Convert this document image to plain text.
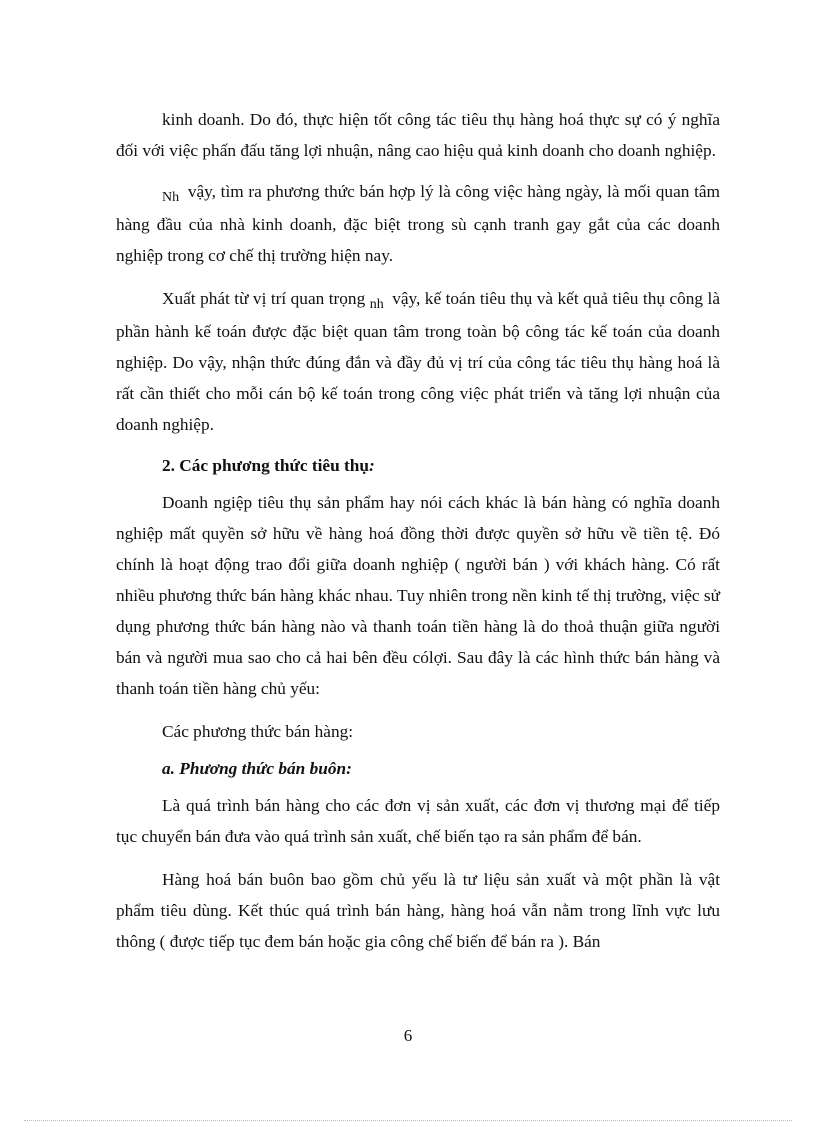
kinh doanh. Do đó, thực hiện tốt công tác tiêu thụ hàng hoá thực sự có ý nghĩa đối với việc phấn đấu tăng lợi nhuận, nâng cao hiệu quả kinh doanh cho doanh nghiệp.

$_{Nh}$ vậy, tìm ra phương thức bán hợp lý là công việc hàng ngày, là mối quan tâm hàng đầu của nhà kinh doanh, đặc biệt trong sù cạnh tranh gay gắt của các doanh nghiệp trong cơ chế thị trường hiện nay.

Xuất phát từ vị trí quan trọng $_{nh}$ vậy, kế toán tiêu thụ và kết quả tiêu thụ công là phần hành kế toán được đặc biệt quan tâm trong toàn bộ công tác kế toán của doanh nghiệp. Do vậy, nhận thức đúng đắn và đầy đủ vị trí của công tác tiêu thụ hàng hoá là rất cần thiết cho mỗi cán bộ kế toán trong công việc phát triển và tăng lợi nhuận của doanh nghiệp.

2. Các phương thức tiêu thụ:

Doanh ngiệp tiêu thụ sản phẩm hay nói cách khác là bán hàng có nghĩa doanh nghiệp mất quyền sở hữu về hàng hoá đồng thời được quyền sở hữu về tiền tệ. Đó chính là hoạt động trao đổi giữa doanh nghiệp ( người bán ) với khách hàng. Có rất nhiều phương thức bán hàng khác nhau. Tuy nhiên trong nền kinh tế thị trường, việc sử dụng phương thức bán hàng nào và thanh toán tiền hàng là do thoả thuận giữa người bán và người mua sao cho cả hai bên đều cólợi. Sau đây là các hình thức bán hàng và thanh toán tiền hàng chủ yếu:

Các phương thức bán hàng:
a. Phương thức bán buôn:

Là quá trình bán hàng cho các đơn vị sản xuất, các đơn vị thương mại để tiếp tục chuyển bán đưa vào quá trình sản xuất, chế biến tạo ra sản phẩm để bán.

Hàng hoá bán buôn bao gồm chủ yếu là tư liệu sản xuất và một phần là vật phẩm tiêu dùng. Kết thúc quá trình bán hàng, hàng hoá vẫn nằm trong lĩnh vực lưu thông ( được tiếp tục đem bán hoặc gia công chế biến để bán ra ). Bán

6
